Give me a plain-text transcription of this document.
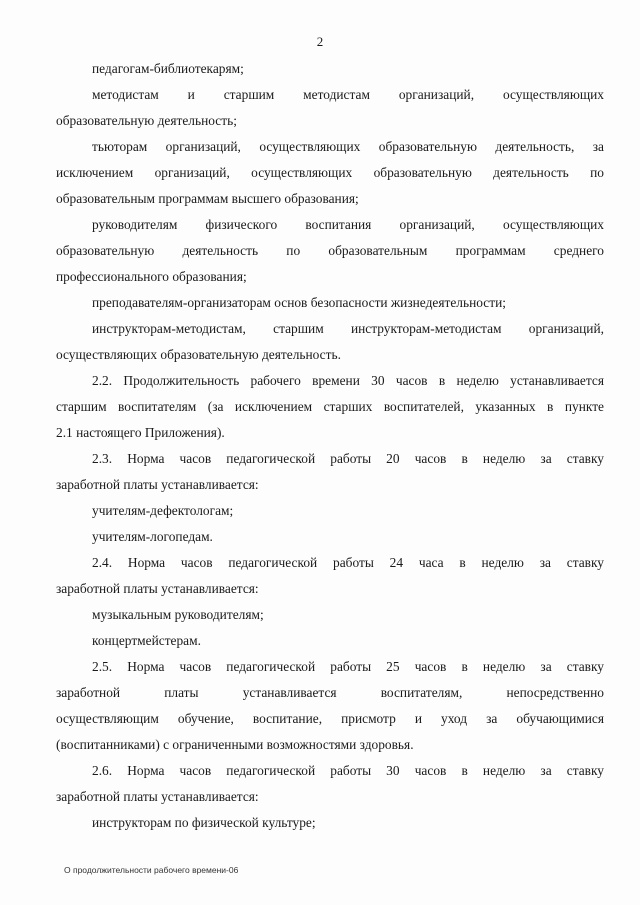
2

педагогам-библиотекарям;

методистам и старшим методистам организаций, осуществляющих

образовательную деятельность;

тьюторам организаций, осуществляющих образовательную деятельность, за

исключением организаций, осуществляющих образовательную деятельность по

образовательным программам высшего образования;

руководителям физического воспитания организаций, осуществляющих

образовательную деятельность по образовательным программам среднего

профессионального образования;

преподавателям-организаторам основ безопасности жизнедеятельности;

инструкторам-методистам, старшим инструкторам-методистам организаций,

осуществляющих образовательную деятельность.

2.2. Продолжительность рабочего времени 30 часов в неделю устанавливается

старшим воспитателям (за исключением старших воспитателей, указанных в пункте

2.1 настоящего Приложения).

2.3. Норма часов педагогической работы 20 часов в неделю за ставку

заработной платы устанавливается:

учителям-дефектологам;

учителям-логопедам.

2.4. Норма часов педагогической работы 24 часа в неделю за ставку

заработной платы устанавливается:

музыкальным руководителям;

концертмейстерам.

2.5. Норма часов педагогической работы 25 часов в неделю за ставку

заработной платы устанавливается воспитателям, непосредственно

осуществляющим обучение, воспитание, присмотр и уход за обучающимися

(воспитанниками) с ограниченными возможностями здоровья.

2.6. Норма часов педагогической работы 30 часов в неделю за ставку

заработной платы устанавливается:

инструкторам по физической культуре;

О продолжительности рабочего времени-06
